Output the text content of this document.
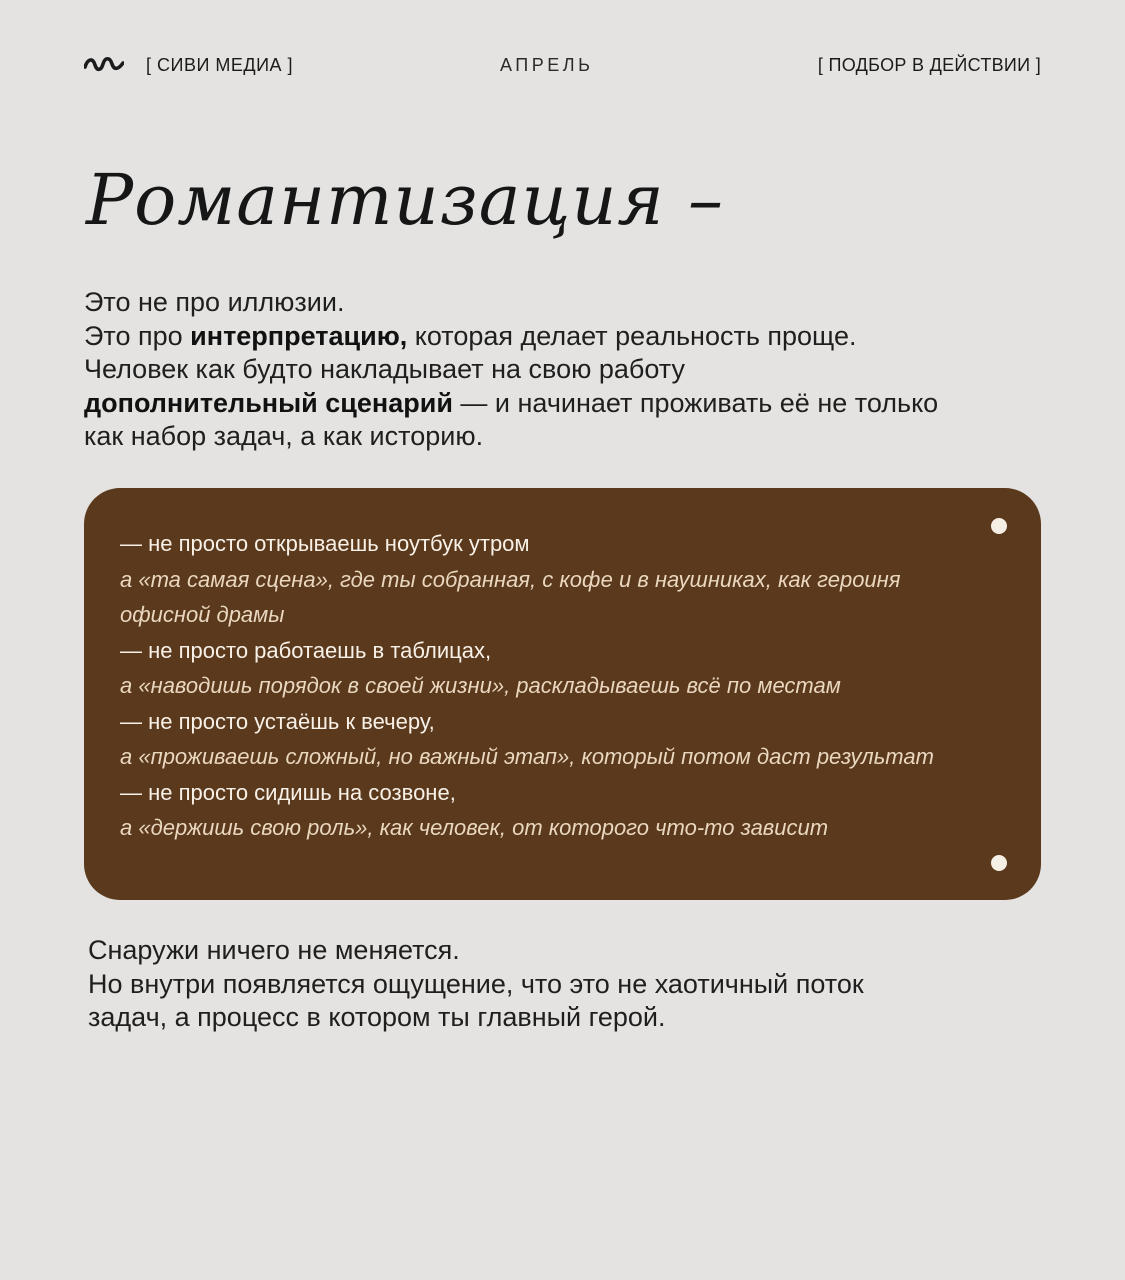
[ СИВИ МЕДИА ]	АПРЕЛЬ	[ ПОДБОР В ДЕЙСТВИИ ]
Романтизация –

Это не про иллюзии.

Это про интерпретацию, которая делает реальность проще.

Человек как будто накладывает на свою работу

дополнительный сценарий — и начинает проживать её не только

как набор задач, а как историю.

— не просто открываешь ноутбук утром

а «та самая сцена», где ты собранная, с кофе и в наушниках, как героиня офисной драмы

— не просто работаешь в таблицах,

а «наводишь порядок в своей жизни», раскладываешь всё по местам

— не просто устаёшь к вечеру,

а «проживаешь сложный, но важный этап», который потом даст результат

— не просто сидишь на созвоне,

а «держишь свою роль», как человек, от которого что-то зависит

Снаружи ничего не меняется.

Но внутри появляется ощущение, что это не хаотичный поток

задач, а процесс в котором ты главный герой.
